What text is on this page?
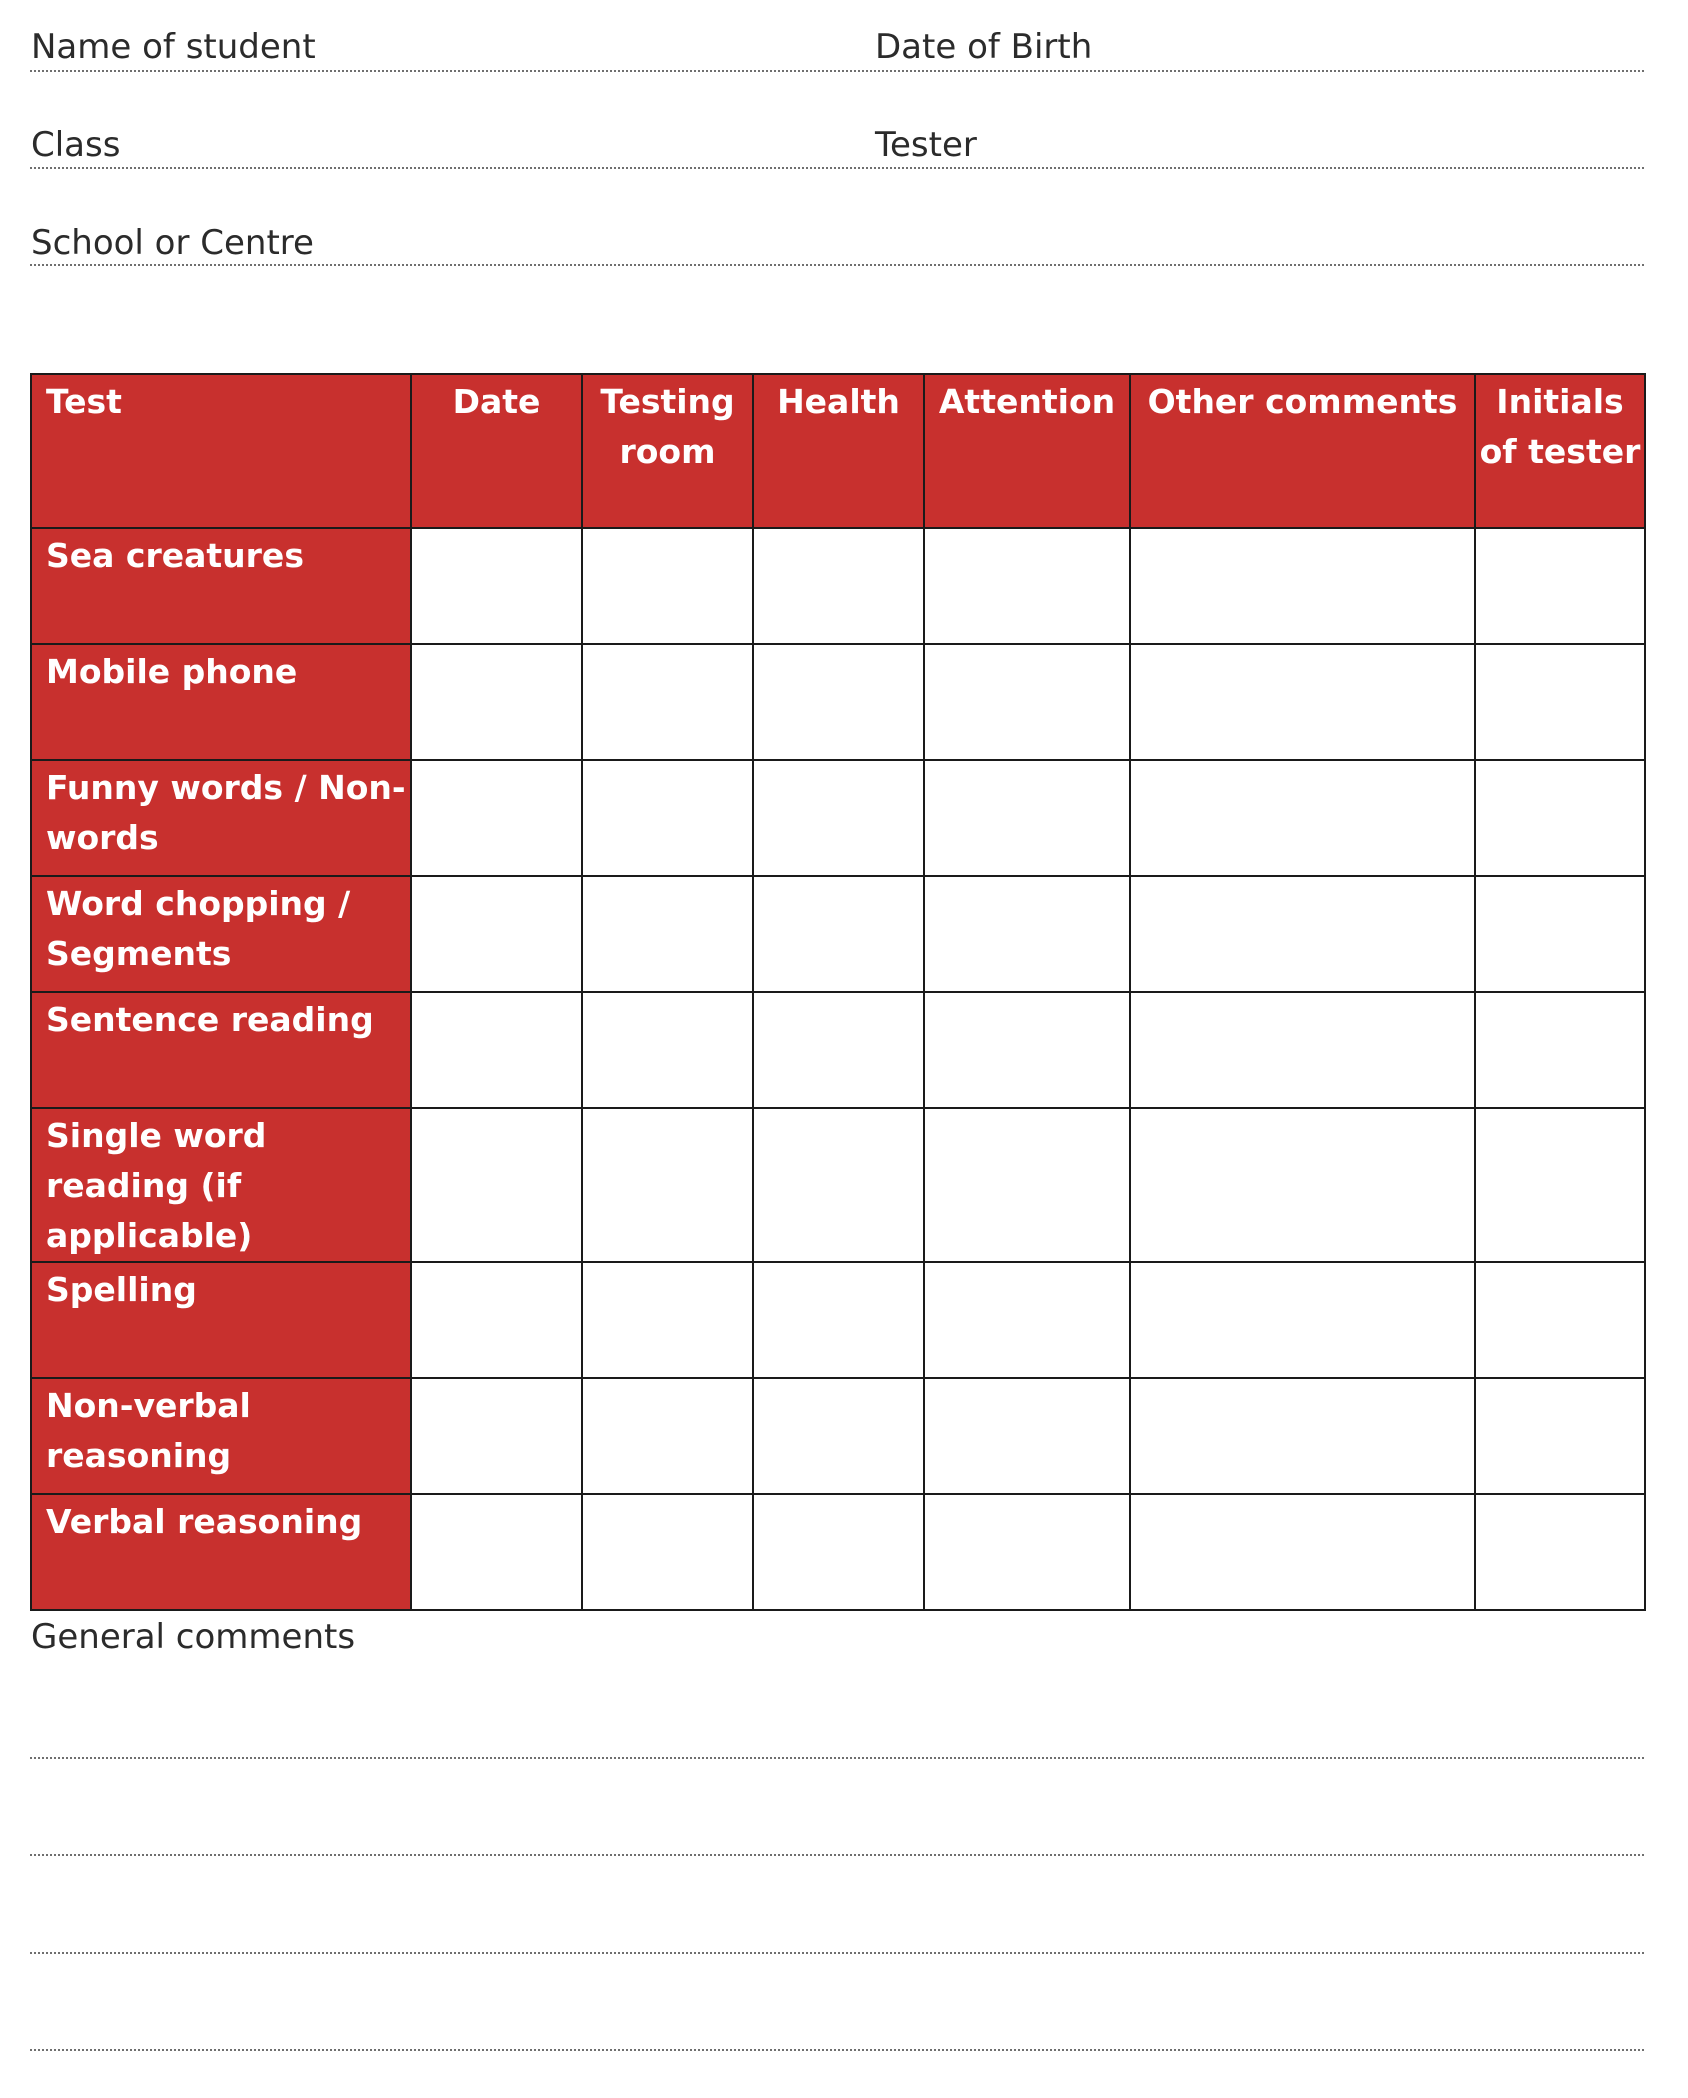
Name of student	Date of Birth
Class	Tester
School or Centre
Test	Date	Testing room	Health	Attention	Other comments	Initials of tester
Sea creatures						
Mobile phone						
Funny words / Non-words						
Word chopping / Segments						
Sentence reading						
Single word reading (if applicable)						
Spelling						
Non-verbal reasoning						
Verbal reasoning						
General comments
